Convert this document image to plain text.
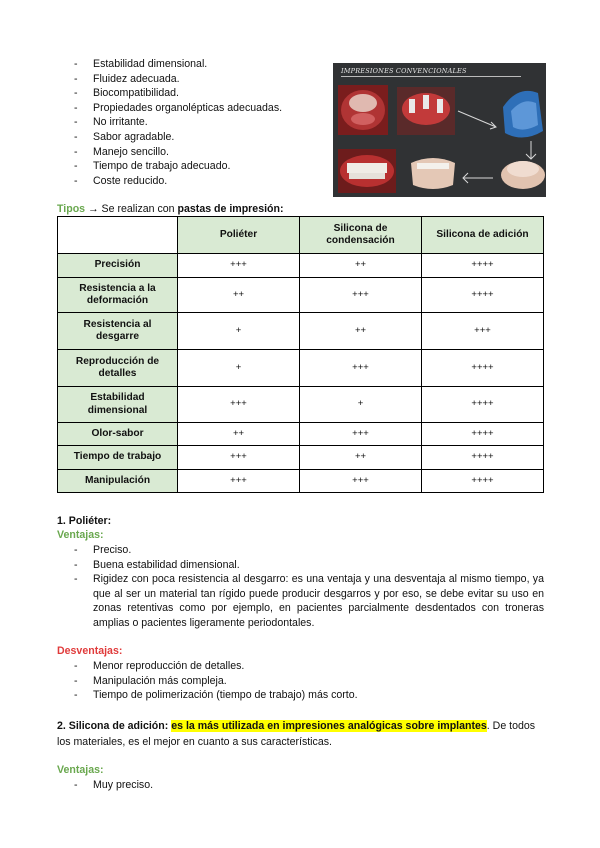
- Estabilidad dimensional.
- Fluidez adecuada.
- Biocompatibilidad.
- Propiedades organolépticas adecuadas.
- No irritante.
- Sabor agradable.
- Manejo sencillo.
- Tiempo de trabajo adecuado.
- Coste reducido.
IMPRESIONES CONVENCIONALES
Tipos → Se realizan con pastas de impresión:
	Poliéter	Silicona de condensación	Silicona de adición
Precisión	+++	++	++++
Resistencia a la deformación	++	+++	++++
Resistencia al desgarre	+	++	+++
Reproducción de detalles	+	+++	++++
Estabilidad dimensional	+++	+	++++
Olor-sabor	++	+++	++++
Tiempo de trabajo	+++	++	++++
Manipulación	+++	+++	++++
1. Poliéter:
Ventajas:
- Preciso.
- Buena estabilidad dimensional.
- Rigidez con poca resistencia al desgarro: es una ventaja y una desventaja al mismo tiempo, ya que al ser un material tan rígido puede producir desgarros y por eso, se debe evitar su uso en zonas retentivas como por ejemplo, en pacientes parcialmente desdentados con troneras amplias o pacientes ligeramente periodontales.
Desventajas:
- Menor reproducción de detalles.
- Manipulación más compleja.
- Tiempo de polimerización (tiempo de trabajo) más corto.
2. Silicona de adición: es la más utilizada en impresiones analógicas sobre implantes. De todos los materiales, es el mejor en cuanto a sus características.
Ventajas:
- Muy preciso.
